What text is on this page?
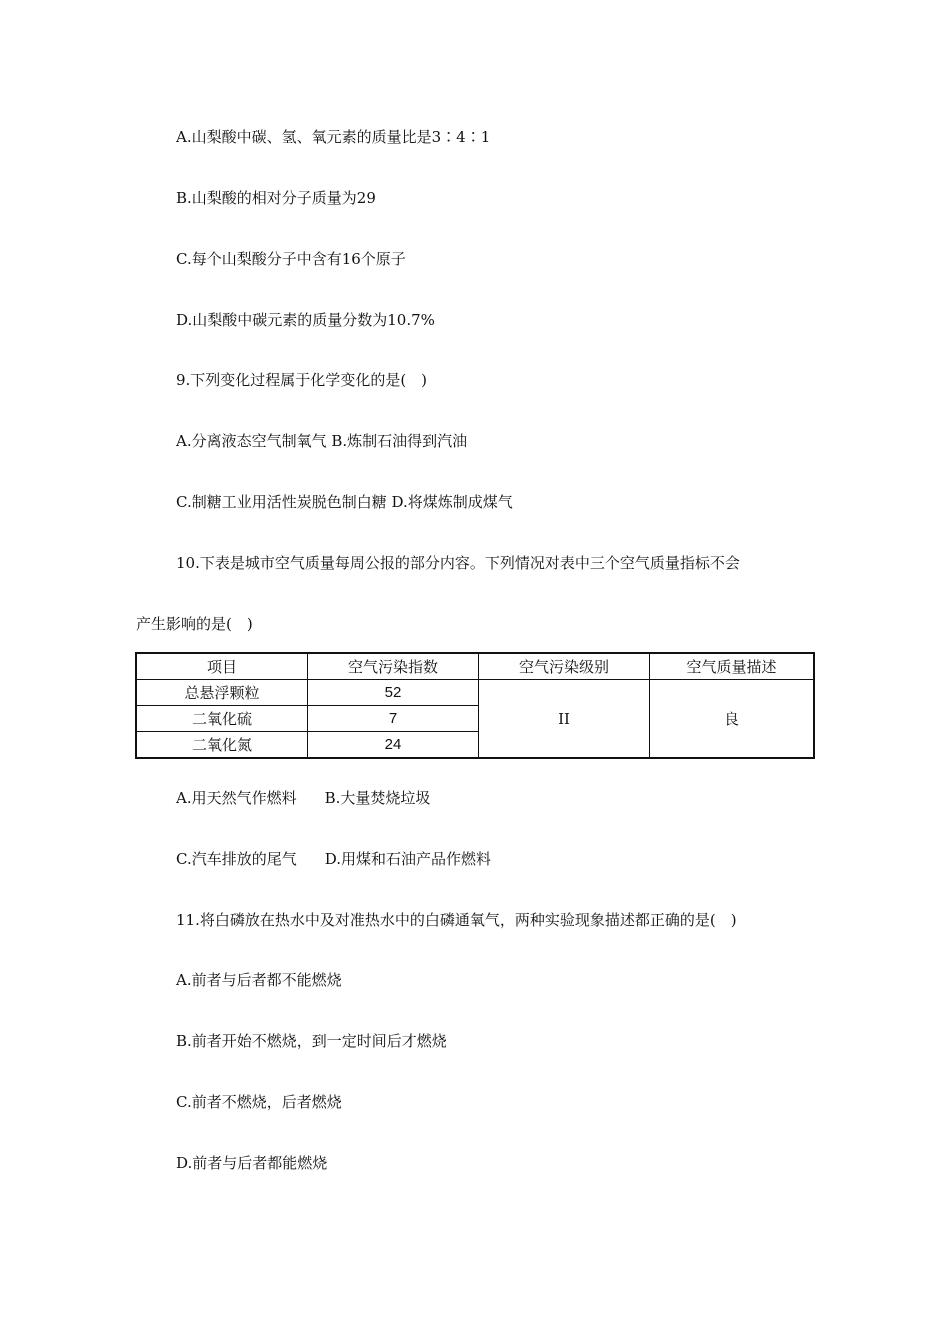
A.山梨酸中碳、氢、氧元素的质量比是3∶4∶1
B.山梨酸的相对分子质量为29
C.每个山梨酸分子中含有16个原子
D.山梨酸中碳元素的质量分数为10.7%
9.下列变化过程属于化学变化的是(　)
A.分离液态空气制氧气 B.炼制石油得到汽油
C.制糖工业用活性炭脱色制白糖 D.将煤炼制成煤气
10.下表是城市空气质量每周公报的部分内容。下列情况对表中三个空气质量指标不会
产生影响的是(　)
项目	空气污染指数	空气污染级别	空气质量描述
总悬浮颗粒	52	II	良
二氧化硫	7		
二氧化氮	24		
A.用天然气作燃料 B.大量焚烧垃圾
C.汽车排放的尾气 D.用煤和石油产品作燃料
11.将白磷放在热水中及对准热水中的白磷通氧气，两种实验现象描述都正确的是(　)
A.前者与后者都不能燃烧
B.前者开始不燃烧，到一定时间后才燃烧
C.前者不燃烧，后者燃烧
D.前者与后者都能燃烧
